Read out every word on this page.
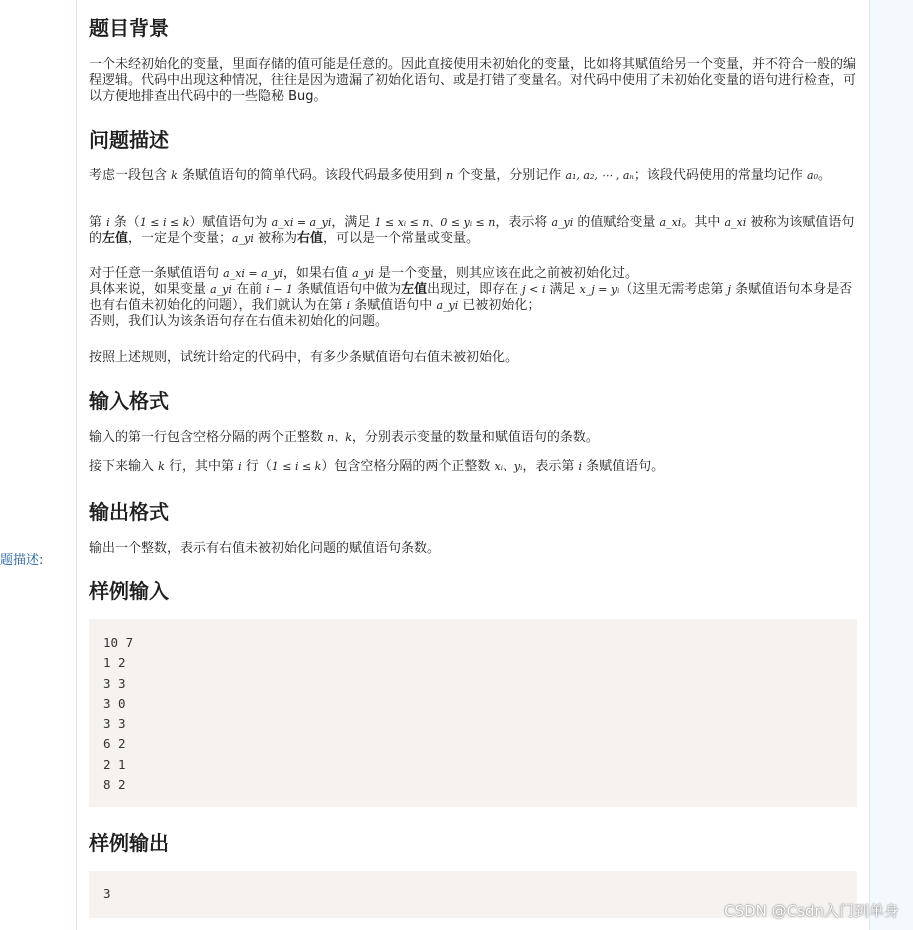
题描述:
题目背景

一个未经初始化的变量，里面存储的值可能是任意的。因此直接使用未初始化的变量，比如将其赋值给另一个变量，并不符合一般的编程逻辑。代码中出现这种情况，往往是因为遗漏了初始化语句、或是打错了变量名。对代码中使用了未初始化变量的语句进行检查，可以方便地排查出代码中的一些隐秘 Bug。

问题描述

考虑一段包含 k 条赋值语句的简单代码。该段代码最多使用到 n 个变量，分别记作 a₁, a₂, ⋯ , aₙ；该段代码使用的常量均记作 a₀。

第 i 条（1 ≤ i ≤ k）赋值语句为 a_xi = a_yi，满足 1 ≤ xᵢ ≤ n、0 ≤ yᵢ ≤ n，表示将 a_yi 的值赋给变量 a_xi。其中 a_xi 被称为该赋值语句的左值，一定是个变量；a_yi 被称为右值，可以是一个常量或变量。

对于任意一条赋值语句 a_xi = a_yi，如果右值 a_yi 是一个变量，则其应该在此之前被初始化过。
具体来说，如果变量 a_yi 在前 i − 1 条赋值语句中做为左值出现过，即存在 j < i 满足 x_j = yᵢ（这里无需考虑第 j 条赋值语句本身是否也有右值未初始化的问题），我们就认为在第 i 条赋值语句中 a_yi 已被初始化；
否则，我们认为该条语句存在右值未初始化的问题。

按照上述规则，试统计给定的代码中，有多少条赋值语句右值未被初始化。

输入格式

输入的第一行包含空格分隔的两个正整数 n、k，分别表示变量的数量和赋值语句的条数。

接下来输入 k 行，其中第 i 行（1 ≤ i ≤ k）包含空格分隔的两个正整数 xᵢ、yᵢ，表示第 i 条赋值语句。

输出格式

输出一个整数，表示有右值未被初始化问题的赋值语句条数。

样例输入
10 7
1 2
3 3
3 0
3 3
6 2
2 1
8 2
样例输出
3
CSDN @Csdn入门到单身
